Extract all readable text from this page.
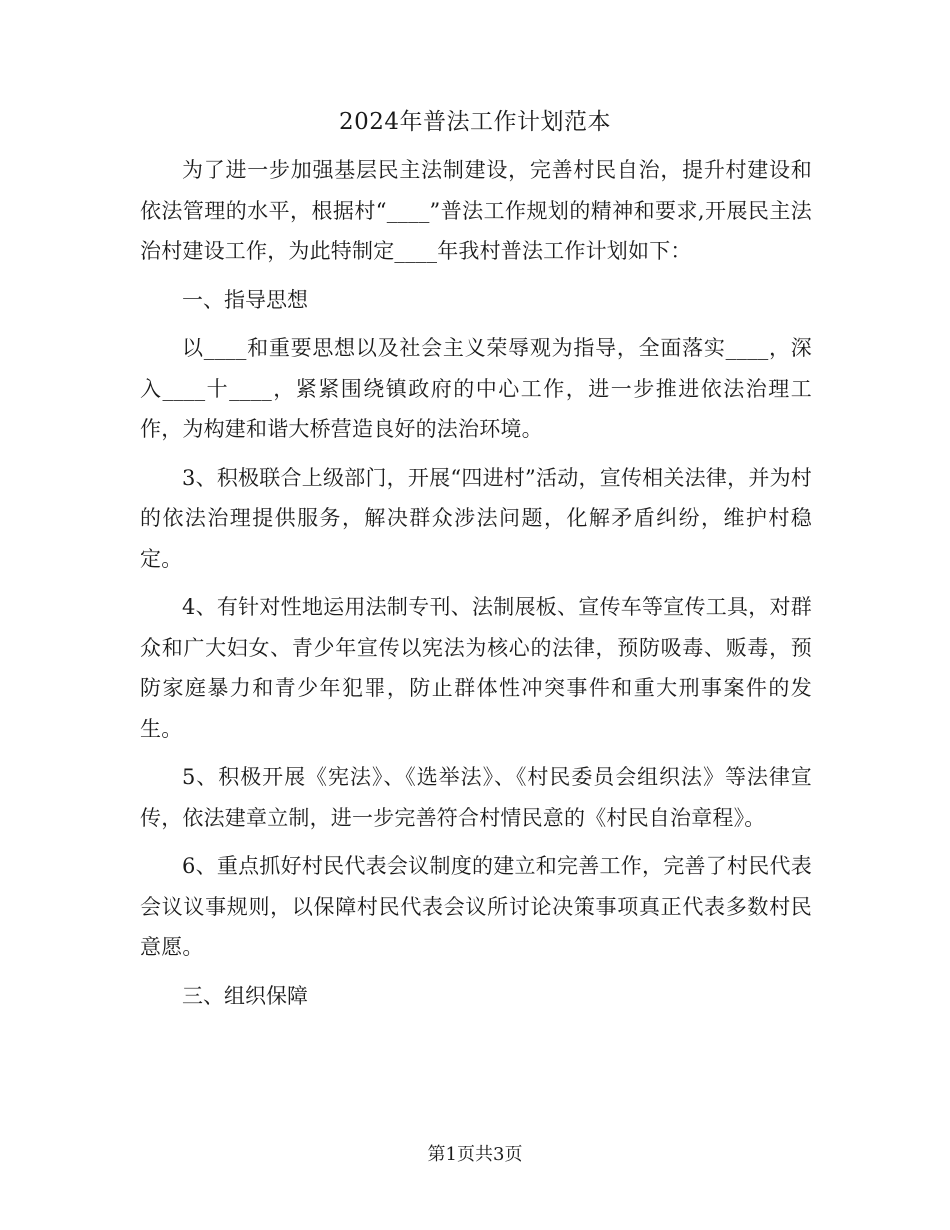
2024年普法工作计划范本

为了进一步加强基层民主法制建设，完善村民自治，提升村建设和依法管理的水平，根据村“____”普法工作规划的精神和要求,开展民主法治村建设工作，为此特制定____年我村普法工作计划如下：

一、指导思想

以____和重要思想以及社会主义荣辱观为指导，全面落实____，深入____十____，紧紧围绕镇政府的中心工作，进一步推进依法治理工作，为构建和谐大桥营造良好的法治环境。

3、积极联合上级部门，开展“四进村”活动，宣传相关法律，并为村的依法治理提供服务，解决群众涉法问题，化解矛盾纠纷，维护村稳定。

4、有针对性地运用法制专刊、法制展板、宣传车等宣传工具，对群众和广大妇女、青少年宣传以宪法为核心的法律，预防吸毒、贩毒，预防家庭暴力和青少年犯罪，防止群体性冲突事件和重大刑事案件的发生。

5、积极开展《宪法》、《选举法》、《村民委员会组织法》等法律宣传，依法建章立制，进一步完善符合村情民意的《村民自治章程》。

6、重点抓好村民代表会议制度的建立和完善工作，完善了村民代表会议议事规则，以保障村民代表会议所讨论决策事项真正代表多数村民意愿。

三、组织保障

第1页共3页
